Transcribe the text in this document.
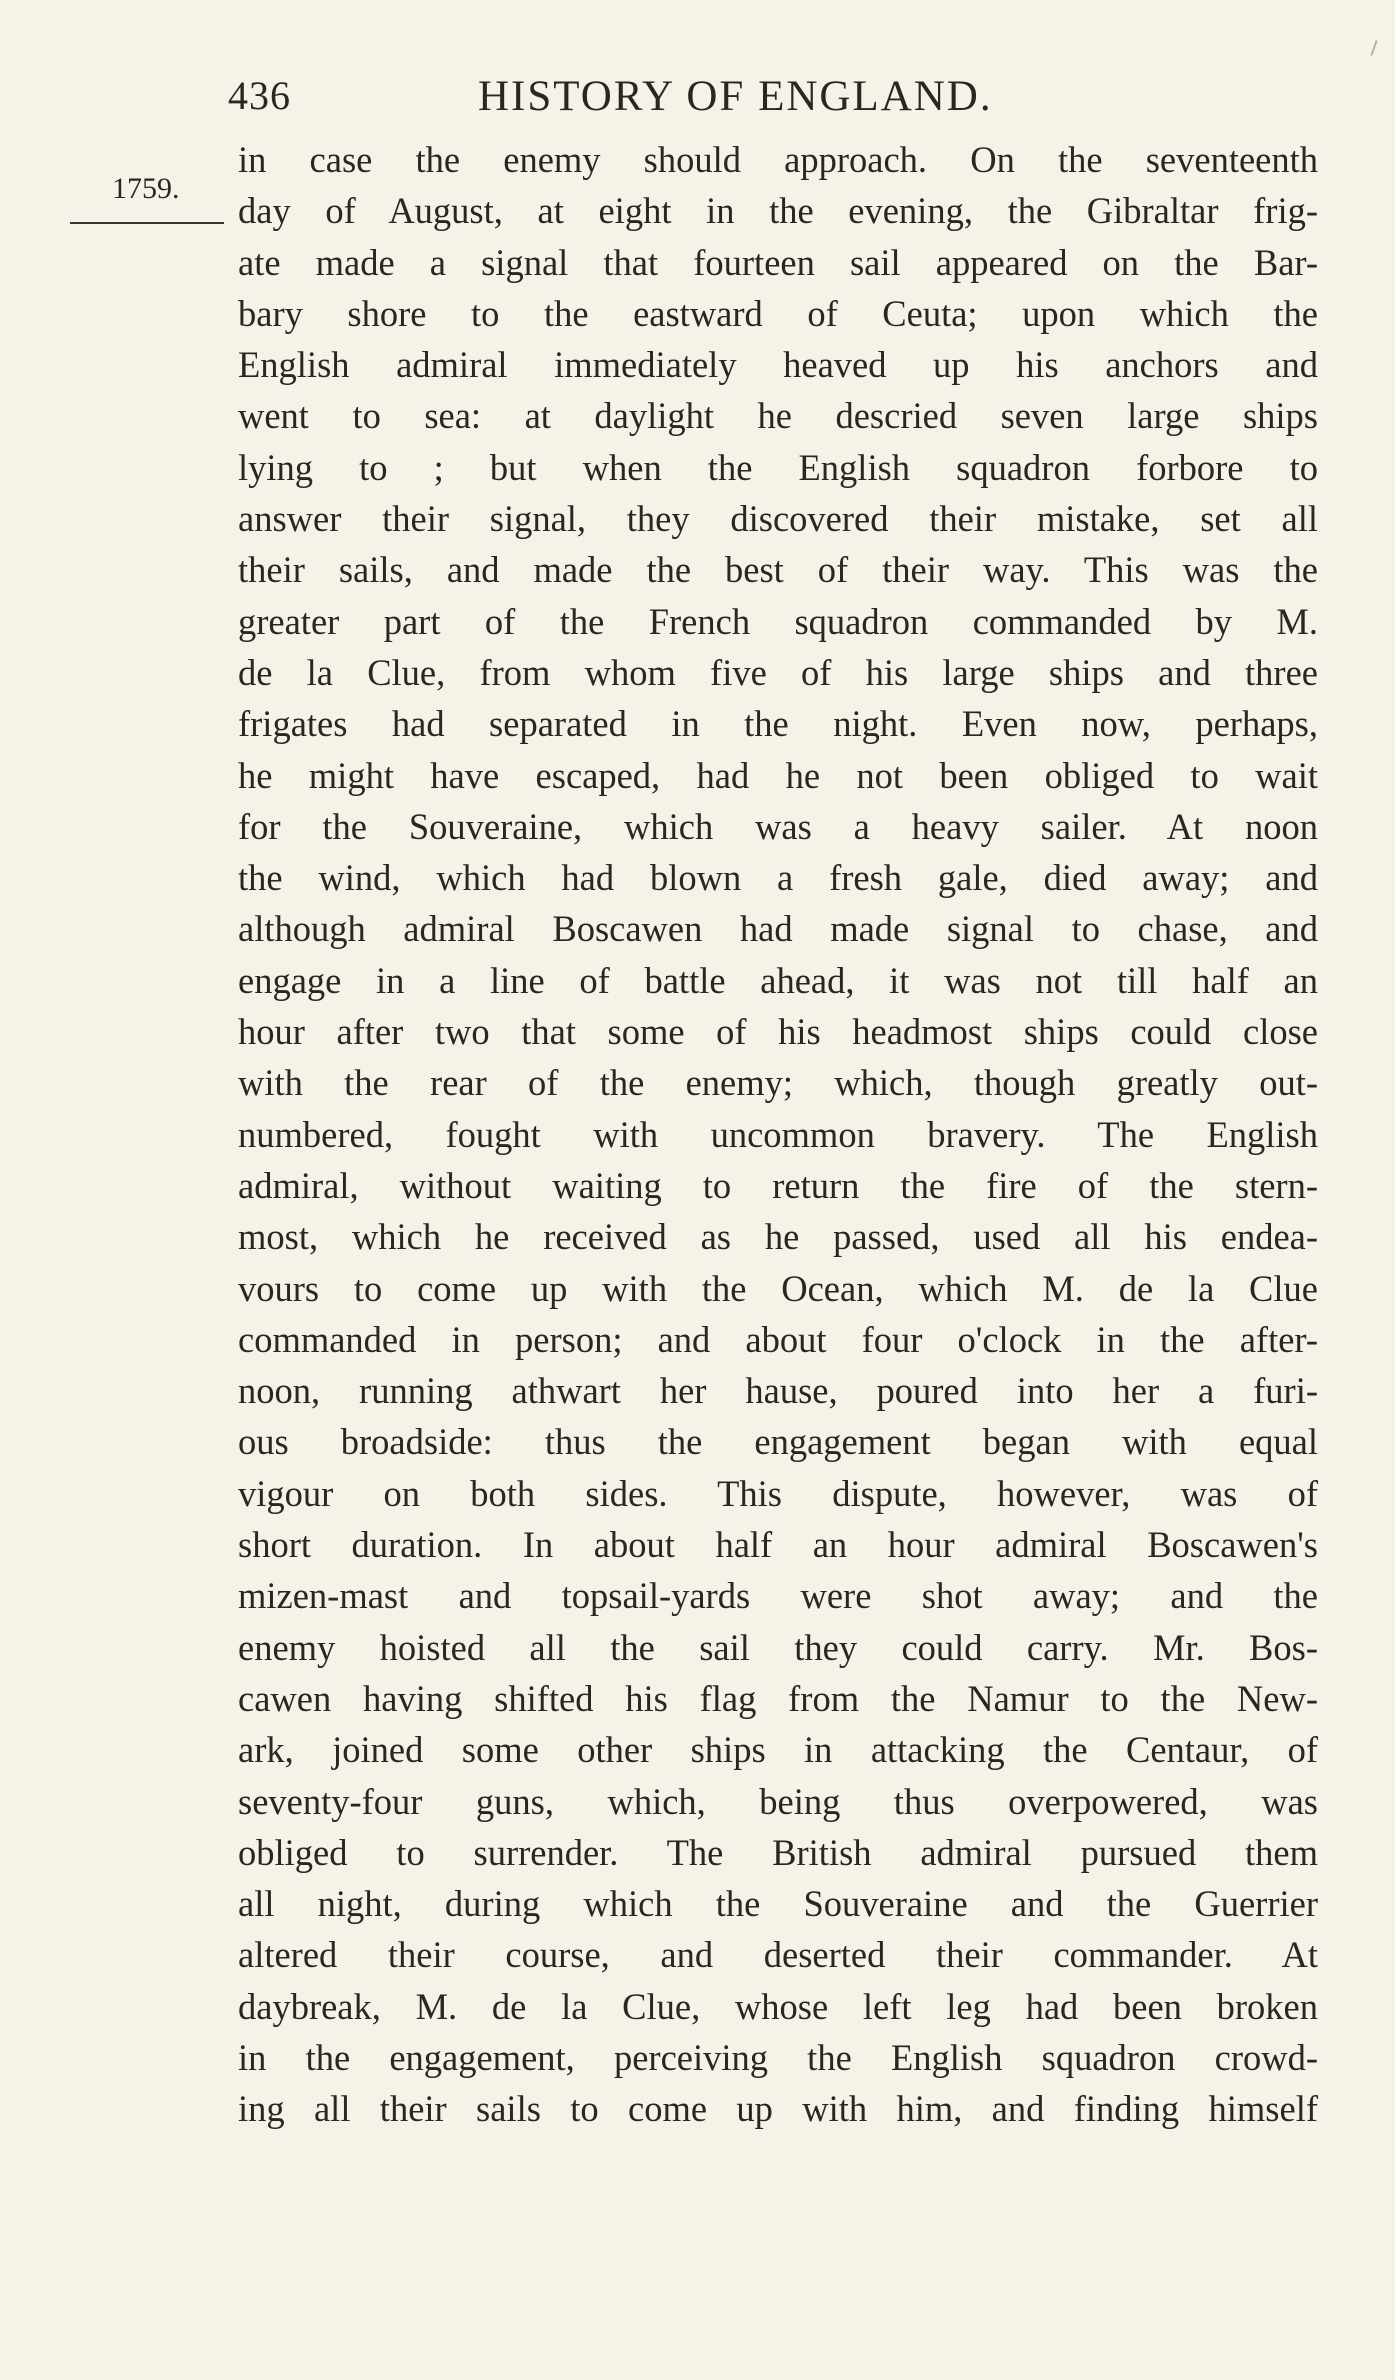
436	HISTORY OF ENGLAND.
1759.
in case the enemy should approach. On the seventeenth
day of August, at eight in the evening, the Gibraltar frig-
ate made a signal that fourteen sail appeared on the Bar-
bary shore to the eastward of Ceuta; upon which the
English admiral immediately heaved up his anchors and
went to sea: at daylight he descried seven large ships
lying to ; but when the English squadron forbore to
answer their signal, they discovered their mistake, set all
their sails, and made the best of their way. This was the
greater part of the French squadron commanded by M.
de la Clue, from whom five of his large ships and three
frigates had separated in the night. Even now, perhaps,
he might have escaped, had he not been obliged to wait
for the Souveraine, which was a heavy sailer. At noon
the wind, which had blown a fresh gale, died away; and
although admiral Boscawen had made signal to chase, and
engage in a line of battle ahead, it was not till half an
hour after two that some of his headmost ships could close
with the rear of the enemy; which, though greatly out-
numbered, fought with uncommon bravery. The English
admiral, without waiting to return the fire of the stern-
most, which he received as he passed, used all his endea-
vours to come up with the Ocean, which M. de la Clue
commanded in person; and about four o'clock in the after-
noon, running athwart her hause, poured into her a furi-
ous broadside: thus the engagement began with equal
vigour on both sides. This dispute, however, was of
short duration. In about half an hour admiral Boscawen's
mizen-mast and topsail-yards were shot away; and the
enemy hoisted all the sail they could carry. Mr. Bos-
cawen having shifted his flag from the Namur to the New-
ark, joined some other ships in attacking the Centaur, of
seventy-four guns, which, being thus overpowered, was
obliged to surrender. The British admiral pursued them
all night, during which the Souveraine and the Guerrier
altered their course, and deserted their commander. At
daybreak, M. de la Clue, whose left leg had been broken
in the engagement, perceiving the English squadron crowd-
ing all their sails to come up with him, and finding himself
